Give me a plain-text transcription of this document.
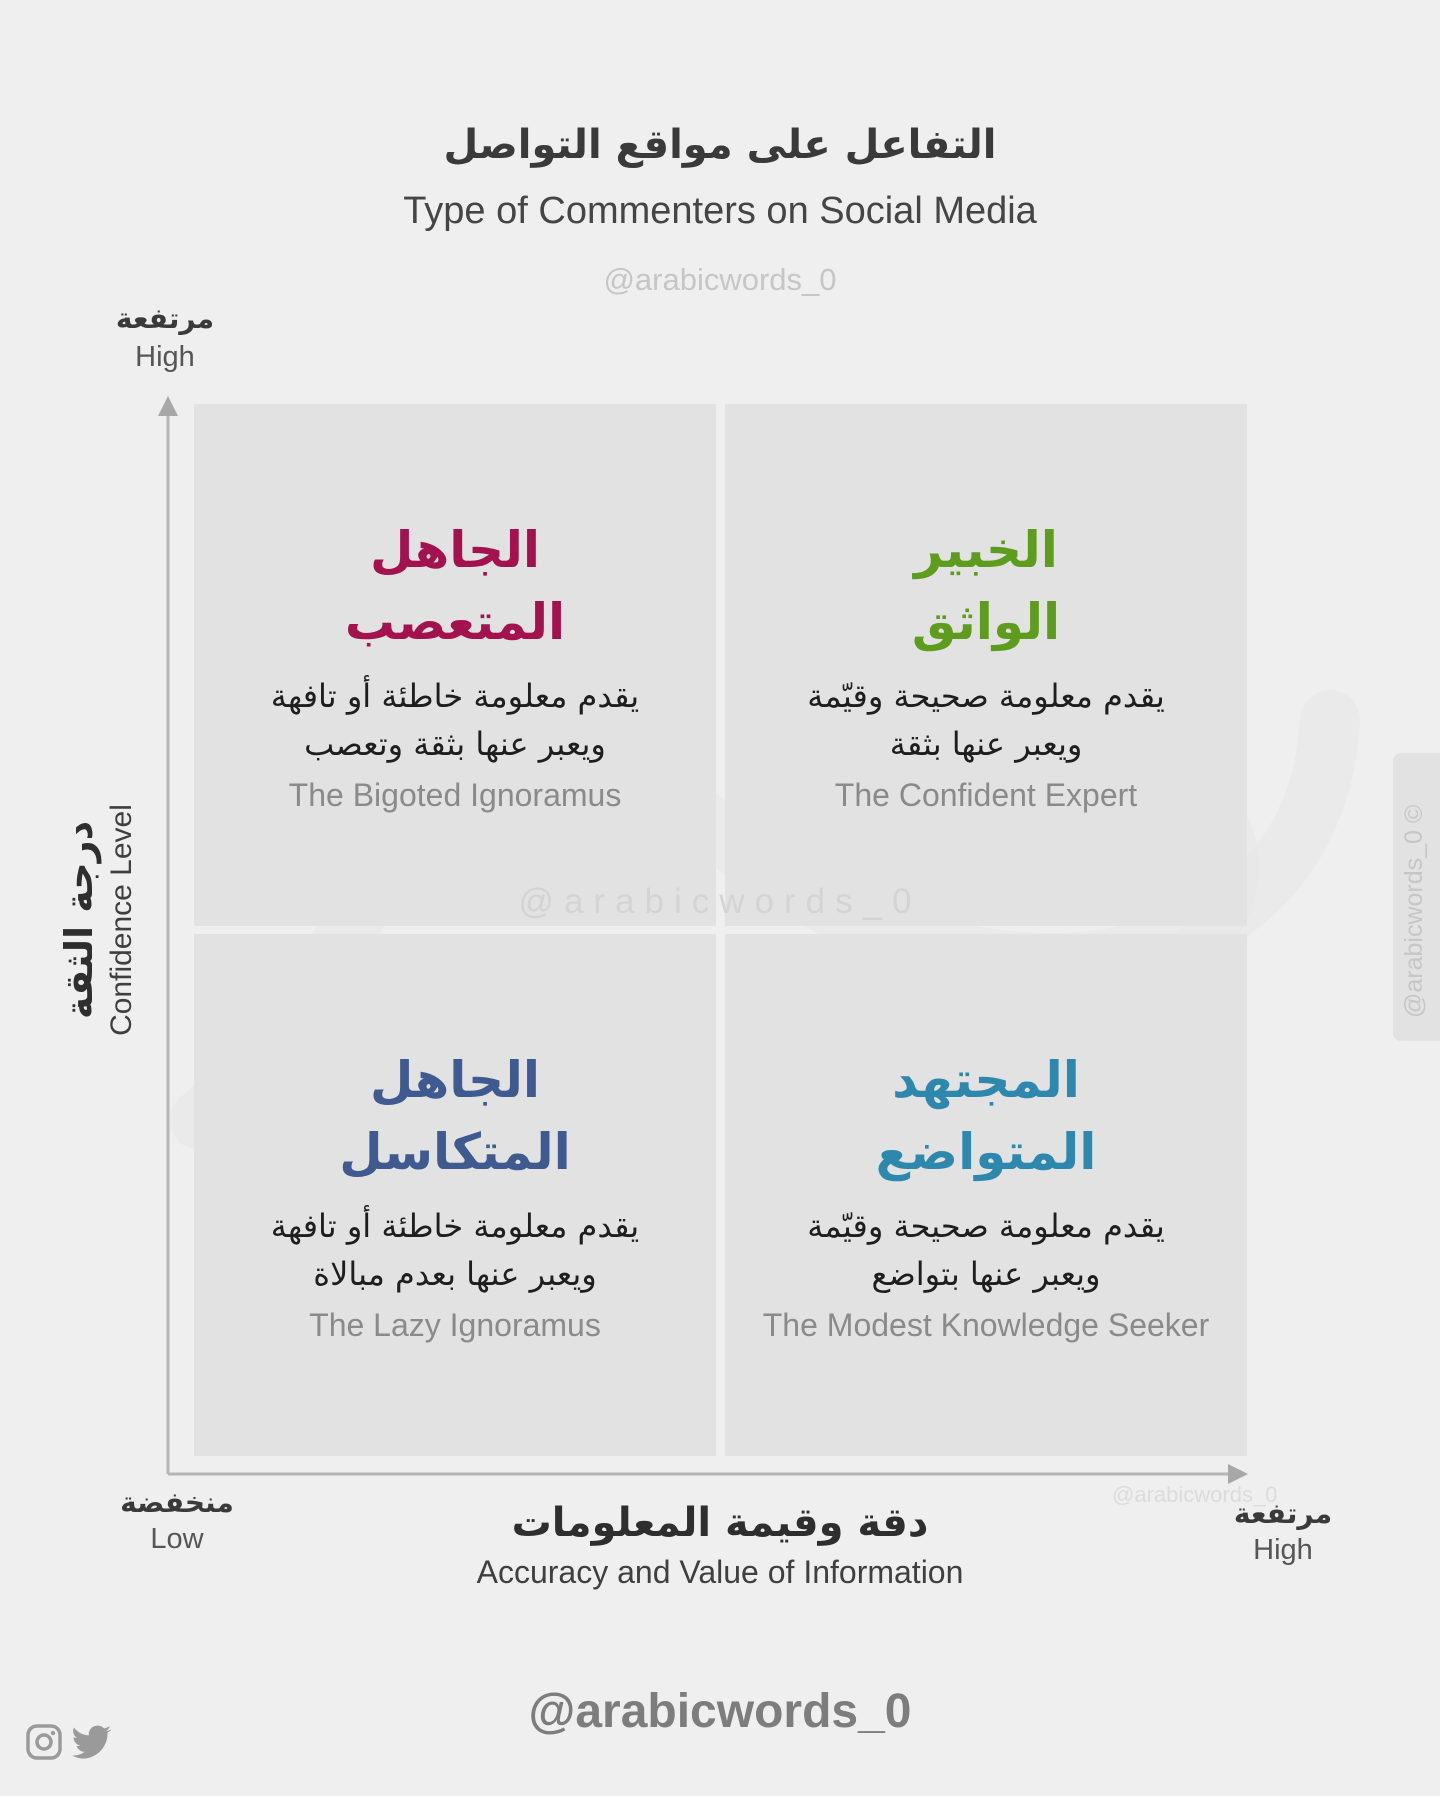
التفاعل على مواقع التواصل
Type of Commenters on Social Media
@arabicwords_0
مرتفعة
High
الجاهل
المتعصب
يقدم معلومة خاطئة أو تافهة
ويعبر عنها بثقة وتعصب
The Bigoted Ignoramus
الخبير
الواثق
يقدم معلومة صحيحة وقيّمة
ويعبر عنها بثقة
The Confident Expert
الجاهل
المتكاسل
يقدم معلومة خاطئة أو تافهة
ويعبر عنها بعدم مبالاة
The Lazy Ignoramus
المجتهد
المتواضع
يقدم معلومة صحيحة وقيّمة
ويعبر عنها بتواضع
The Modest Knowledge Seeker
@arabicwords_0
درجة الثقة Confidence Level
منخفضة
Low
مرتفعة
High
دقة وقيمة المعلومات
Accuracy and Value of Information
@arabicwords_0 ©
@arabicwords_0
@arabicwords_0
